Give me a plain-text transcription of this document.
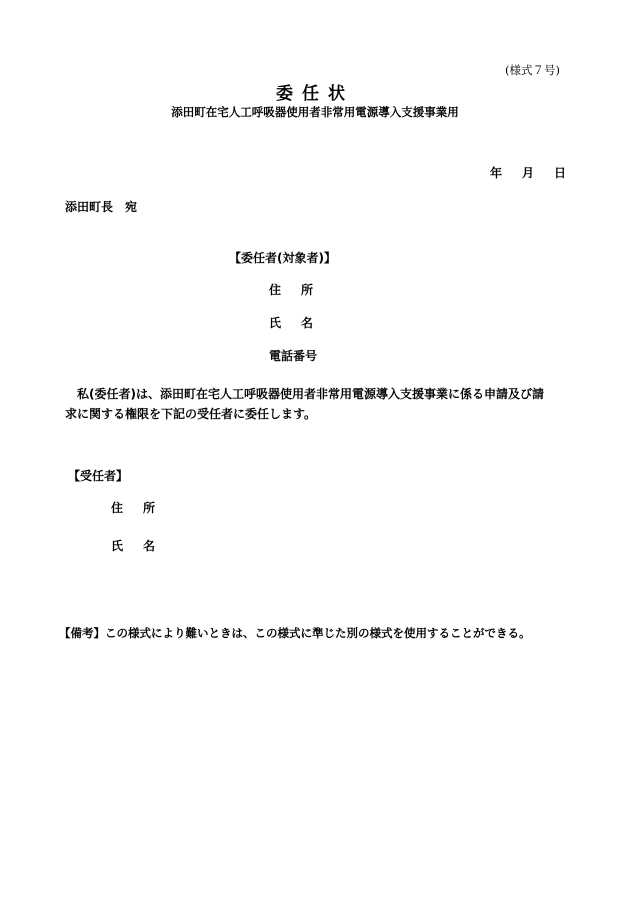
(様式７号)
委任状
添田町在宅人工呼吸器使用者非常用電源導入支援事業用
年 月 日
添田町長 宛
【委任者(対象者)】
住 所
氏 名
電話番号
私(委任者)は、添田町在宅人工呼吸器使用者非常用電源導入支援事業に係る申請及び請
求に関する権限を下記の受任者に委任します。
【受任者】
住 所
氏 名
【備考】この様式により難いときは、この様式に準じた別の様式を使用することができる。
